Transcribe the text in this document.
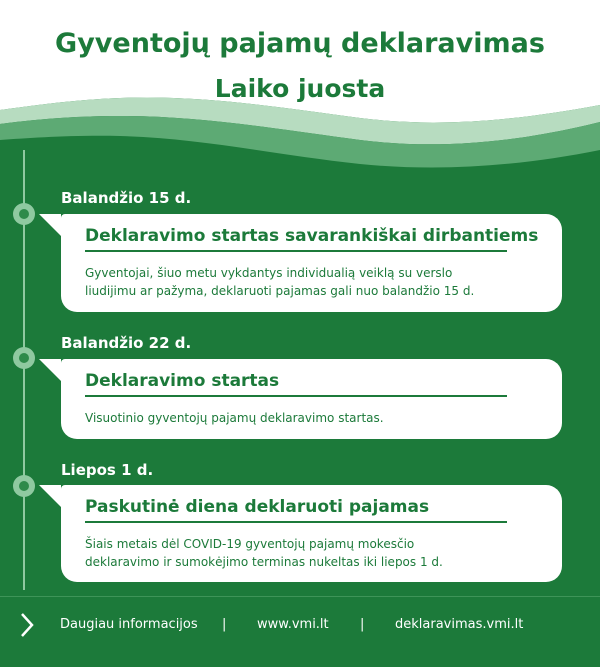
Gyventojų pajamų deklaravimas
Laiko juosta
Balandžio 15 d.
Deklaravimo startas savarankiškai dirbantiems
Gyventojai, šiuo metu vykdantys individualią veiklą su verslo
liudijimu ar pažyma, deklaruoti pajamas gali nuo balandžio 15 d.
Balandžio 22 d.
Deklaravimo startas
Visuotinio gyventojų pajamų deklaravimo startas.
Liepos 1 d.
Paskutinė diena deklaruoti pajamas
Šiais metais dėl COVID-19 gyventojų pajamų mokesčio
deklaravimo ir sumokėjimo terminas nukeltas iki liepos 1 d.
Daugiau informacijos | www.vmi.lt | deklaravimas.vmi.lt
